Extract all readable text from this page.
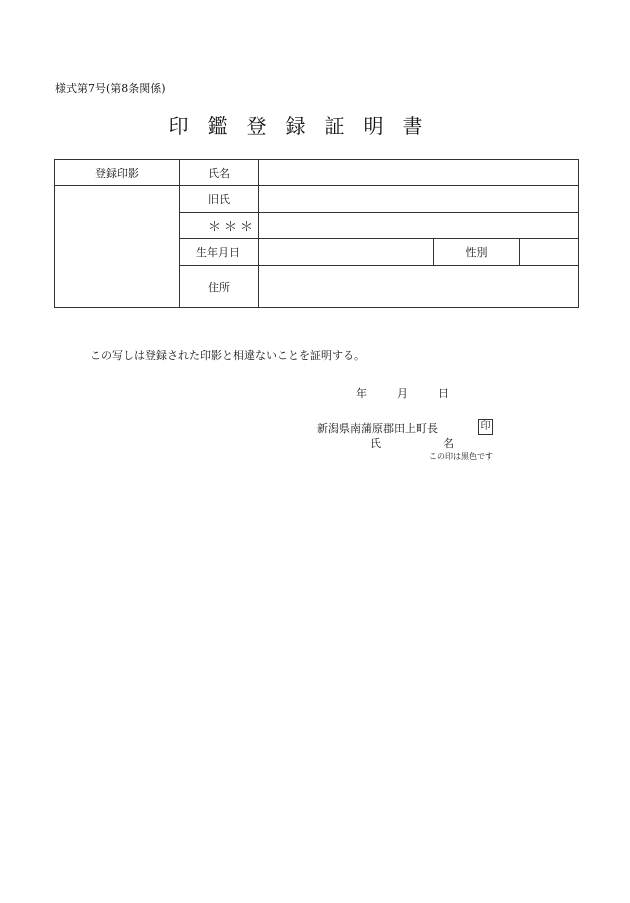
様式第7号(第8条関係)
印鑑登録証明書
登録印影	氏名			
	旧氏			
	＊＊＊			
	生年月日		性別	
	住所			
この写しは登録された印影と相違ないことを証明する。
年	月	日
新潟県南蒲原郡田上町長	印
氏	名
この印は黒色です
